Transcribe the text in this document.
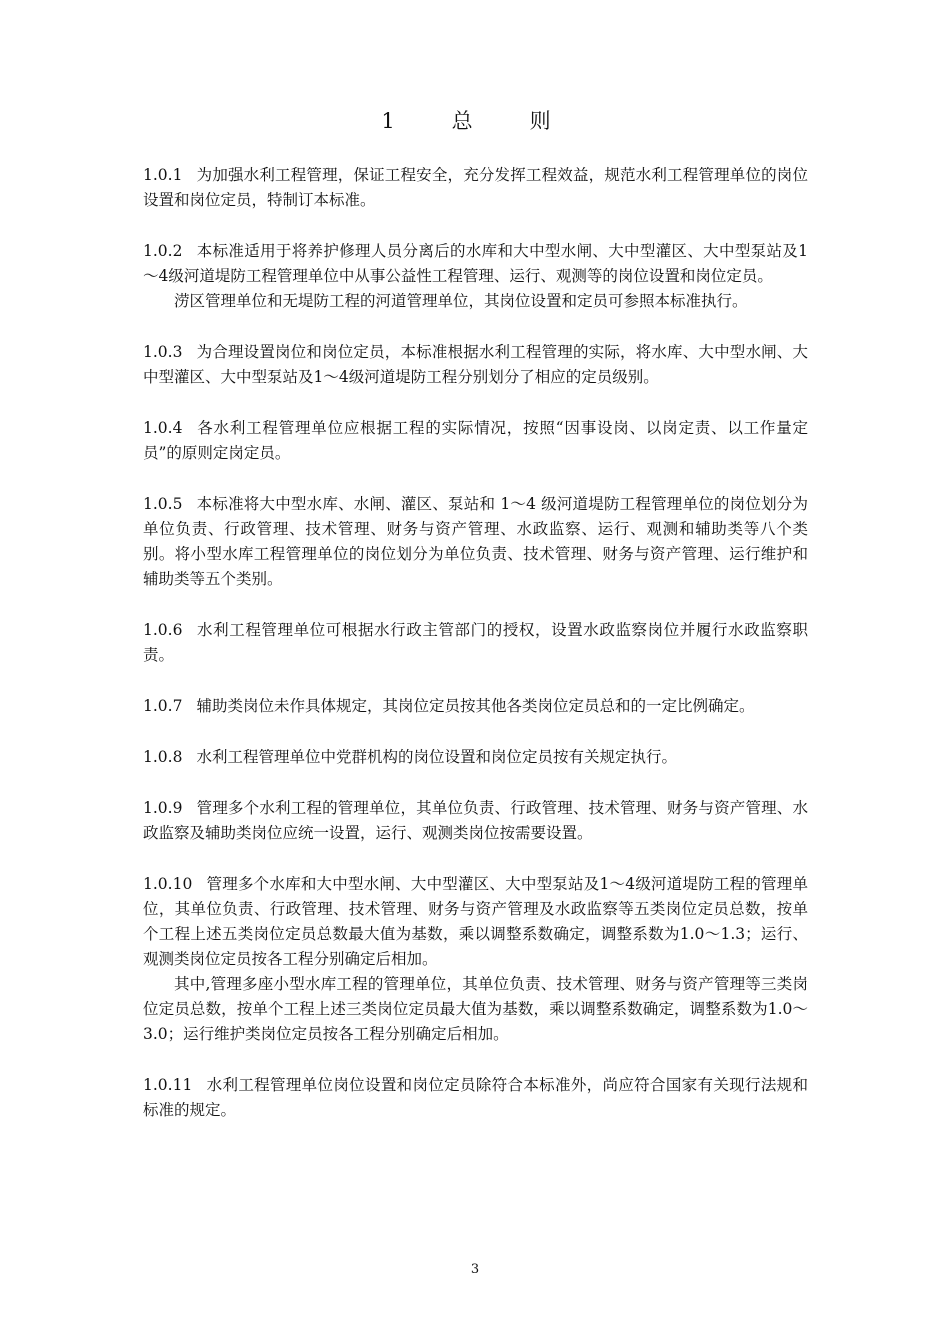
1　总　则

1.0.1 为加强水利工程管理，保证工程安全，充分发挥工程效益，规范水利工程管理单位的岗位设置和岗位定员，特制订本标准。

1.0.2 本标准适用于将养护修理人员分离后的水库和大中型水闸、大中型灌区、大中型泵站及1～4级河道堤防工程管理单位中从事公益性工程管理、运行、观测等的岗位设置和岗位定员。

涝区管理单位和无堤防工程的河道管理单位，其岗位设置和定员可参照本标准执行。

1.0.3 为合理设置岗位和岗位定员，本标准根据水利工程管理的实际，将水库、大中型水闸、大中型灌区、大中型泵站及1～4级河道堤防工程分别划分了相应的定员级别。

1.0.4 各水利工程管理单位应根据工程的实际情况，按照“因事设岗、以岗定责、以工作量定员”的原则定岗定员。

1.0.5 本标准将大中型水库、水闸、灌区、泵站和 1～4 级河道堤防工程管理单位的岗位划分为单位负责、行政管理、技术管理、财务与资产管理、水政监察、运行、观测和辅助类等八个类别。将小型水库工程管理单位的岗位划分为单位负责、技术管理、财务与资产管理、运行维护和辅助类等五个类别。

1.0.6 水利工程管理单位可根据水行政主管部门的授权，设置水政监察岗位并履行水政监察职责。

1.0.7 辅助类岗位未作具体规定，其岗位定员按其他各类岗位定员总和的一定比例确定。

1.0.8 水利工程管理单位中党群机构的岗位设置和岗位定员按有关规定执行。

1.0.9 管理多个水利工程的管理单位，其单位负责、行政管理、技术管理、财务与资产管理、水政监察及辅助类岗位应统一设置，运行、观测类岗位按需要设置。

1.0.10 管理多个水库和大中型水闸、大中型灌区、大中型泵站及1～4级河道堤防工程的管理单位，其单位负责、行政管理、技术管理、财务与资产管理及水政监察等五类岗位定员总数，按单个工程上述五类岗位定员总数最大值为基数，乘以调整系数确定，调整系数为1.0～1.3；运行、观测类岗位定员按各工程分别确定后相加。

其中,管理多座小型水库工程的管理单位，其单位负责、技术管理、财务与资产管理等三类岗位定员总数，按单个工程上述三类岗位定员最大值为基数，乘以调整系数确定，调整系数为1.0～3.0；运行维护类岗位定员按各工程分别确定后相加。

1.0.11 水利工程管理单位岗位设置和岗位定员除符合本标准外，尚应符合国家有关现行法规和标准的规定。

3
